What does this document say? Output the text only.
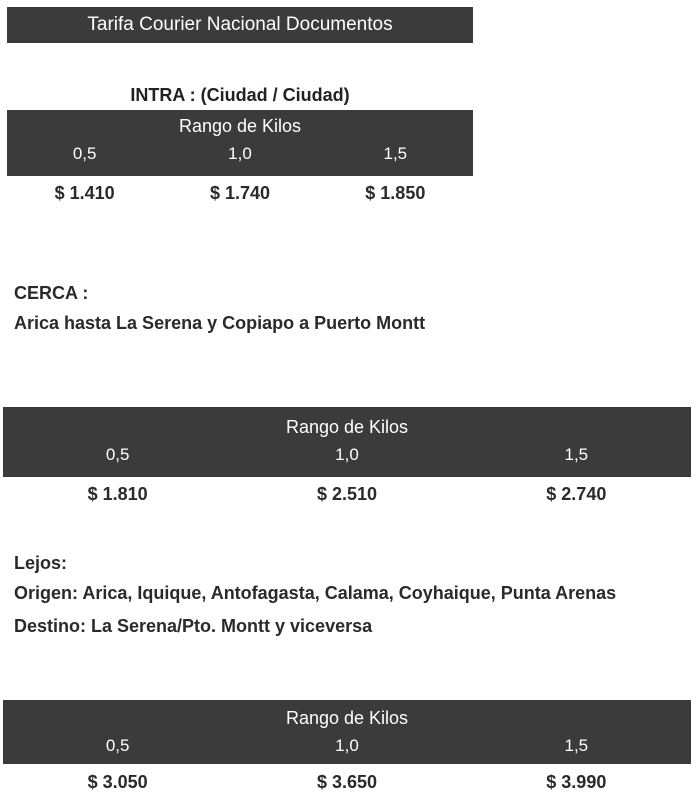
Tarifa Courier Nacional Documentos
INTRA : (Ciudad / Ciudad)
Rango de Kilos
0,5	1,0	1,5
$ 1.410	$ 1.740	$ 1.850
CERCA :
Arica hasta La Serena y Copiapo a Puerto Montt
Rango de Kilos
0,5	1,0	1,5
$ 1.810	$ 2.510	$ 2.740
Lejos:
Origen: Arica, Iquique, Antofagasta, Calama, Coyhaique, Punta Arenas
Destino: La Serena/Pto. Montt y viceversa
Rango de Kilos
0,5	1,0	1,5
$ 3.050	$ 3.650	$ 3.990
